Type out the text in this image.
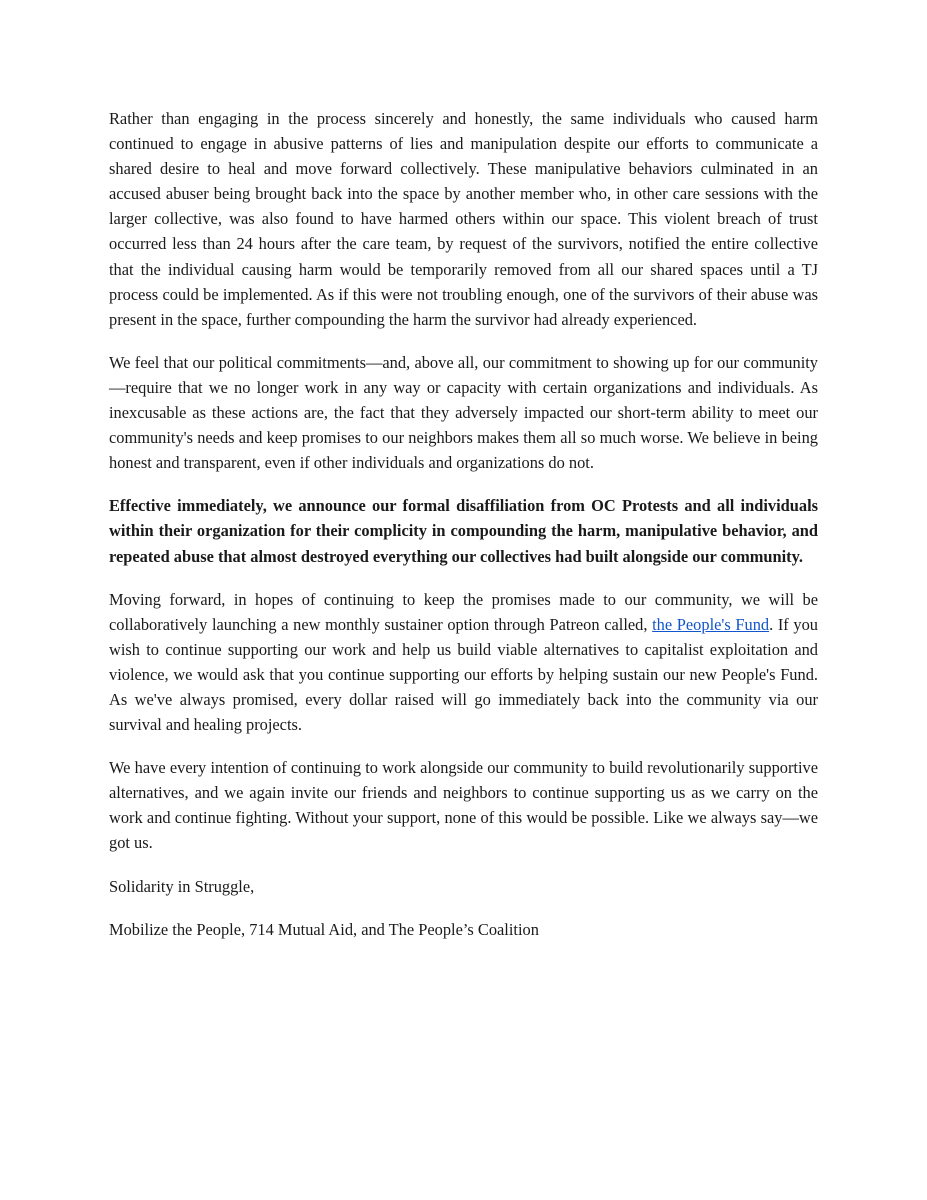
Rather than engaging in the process sincerely and honestly, the same individuals who caused harm continued to engage in abusive patterns of lies and manipulation despite our efforts to communicate a shared desire to heal and move forward collectively. These manipulative behaviors culminated in an accused abuser being brought back into the space by another member who, in other care sessions with the larger collective, was also found to have harmed others within our space. This violent breach of trust occurred less than 24 hours after the care team, by request of the survivors, notified the entire collective that the individual causing harm would be temporarily removed from all our shared spaces until a TJ process could be implemented. As if this were not troubling enough, one of the survivors of their abuse was present in the space, further compounding the harm the survivor had already experienced.

We feel that our political commitments—and, above all, our commitment to showing up for our community—require that we no longer work in any way or capacity with certain organizations and individuals. As inexcusable as these actions are, the fact that they adversely impacted our short-term ability to meet our community's needs and keep promises to our neighbors makes them all so much worse. We believe in being honest and transparent, even if other individuals and organizations do not.

Effective immediately, we announce our formal disaffiliation from OC Protests and all individuals within their organization for their complicity in compounding the harm, manipulative behavior, and repeated abuse that almost destroyed everything our collectives had built alongside our community.

Moving forward, in hopes of continuing to keep the promises made to our community, we will be collaboratively launching a new monthly sustainer option through Patreon called, the People's Fund. If you wish to continue supporting our work and help us build viable alternatives to capitalist exploitation and violence, we would ask that you continue supporting our efforts by helping sustain our new People's Fund. As we've always promised, every dollar raised will go immediately back into the community via our survival and healing projects.

We have every intention of continuing to work alongside our community to build revolutionarily supportive alternatives, and we again invite our friends and neighbors to continue supporting us as we carry on the work and continue fighting. Without your support, none of this would be possible. Like we always say—we got us.

Solidarity in Struggle,

Mobilize the People, 714 Mutual Aid, and The People’s Coalition
